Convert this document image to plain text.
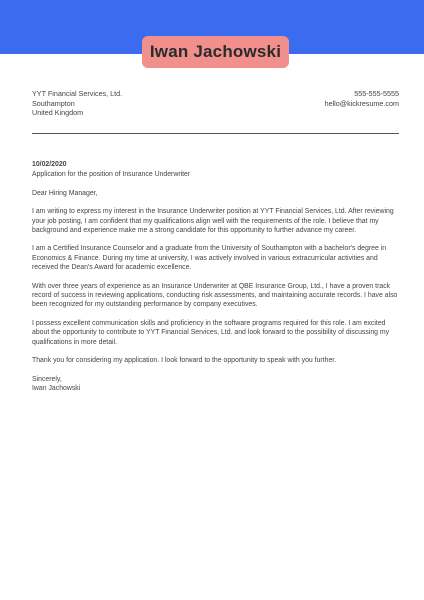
Iwan Jachowski
YYT Financial Services, Ltd.
Southampton
United Kingdom
555-555-5555
hello@kickresume.com

10/02/2020

Application for the position of Insurance Underwriter

Dear Hiring Manager,

I am writing to express my interest in the Insurance Underwriter position at YYT Financial Services, Ltd. After reviewing your job posting, I am confident that my qualifications align well with the requirements of the role. I believe that my background and experience make me a strong candidate for this opportunity to further advance my career.

I am a Certified Insurance Counselor and a graduate from the University of Southampton with a bachelor's degree in Economics & Finance. During my time at university, I was actively involved in various extracurricular activities and received the Dean's Award for academic excellence.

With over three years of experience as an Insurance Underwriter at QBE Insurance Group, Ltd., I have a proven track record of success in reviewing applications, conducting risk assessments, and maintaining accurate records. I have also been recognized for my outstanding performance by company executives.

I possess excellent communication skills and proficiency in the software programs required for this role. I am excited about the opportunity to contribute to YYT Financial Services, Ltd. and look forward to the possibility of discussing my qualifications in more detail.

Thank you for considering my application. I look forward to the opportunity to speak with you further.

Sincerely,

Iwan Jachowski
